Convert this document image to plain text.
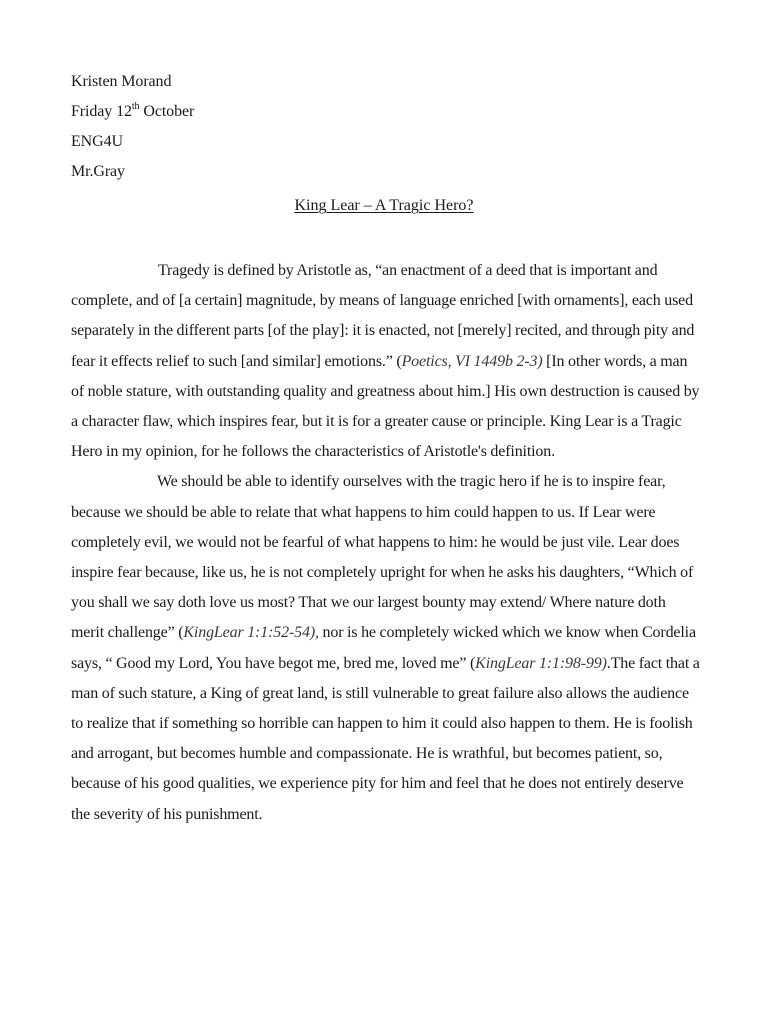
Kristen Morand
Friday 12th October
ENG4U
Mr.Gray
King Lear – A Tragic Hero?

Tragedy is defined by Aristotle as, “an enactment of a deed that is important and complete, and of [a certain] magnitude, by means of language enriched [with ornaments], each used separately in the different parts [of the play]: it is enacted, not [merely] recited, and through pity and fear it effects relief to such [and similar] emotions.” (Poetics, VI 1449b 2-3) [In other words, a man of noble stature, with outstanding quality and greatness about him.] His own destruction is caused by a character flaw, which inspires fear, but it is for a greater cause or principle. King Lear is a Tragic Hero in my opinion, for he follows the characteristics of Aristotle's definition.

We should be able to identify ourselves with the tragic hero if he is to inspire fear, because we should be able to relate that what happens to him could happen to us. If Lear were completely evil, we would not be fearful of what happens to him: he would be just vile. Lear does inspire fear because, like us, he is not completely upright for when he asks his daughters, “Which of you shall we say doth love us most? That we our largest bounty may extend/ Where nature doth merit challenge” (KingLear 1:1:52-54), nor is he completely wicked which we know when Cordelia says, “ Good my Lord, You have begot me, bred me, loved me” (KingLear 1:1:98-99).The fact that a man of such stature, a King of great land, is still vulnerable to great failure also allows the audience to realize that if something so horrible can happen to him it could also happen to them. He is foolish and arrogant, but becomes humble and compassionate. He is wrathful, but becomes patient, so, because of his good qualities, we experience pity for him and feel that he does not entirely deserve the severity of his punishment.
